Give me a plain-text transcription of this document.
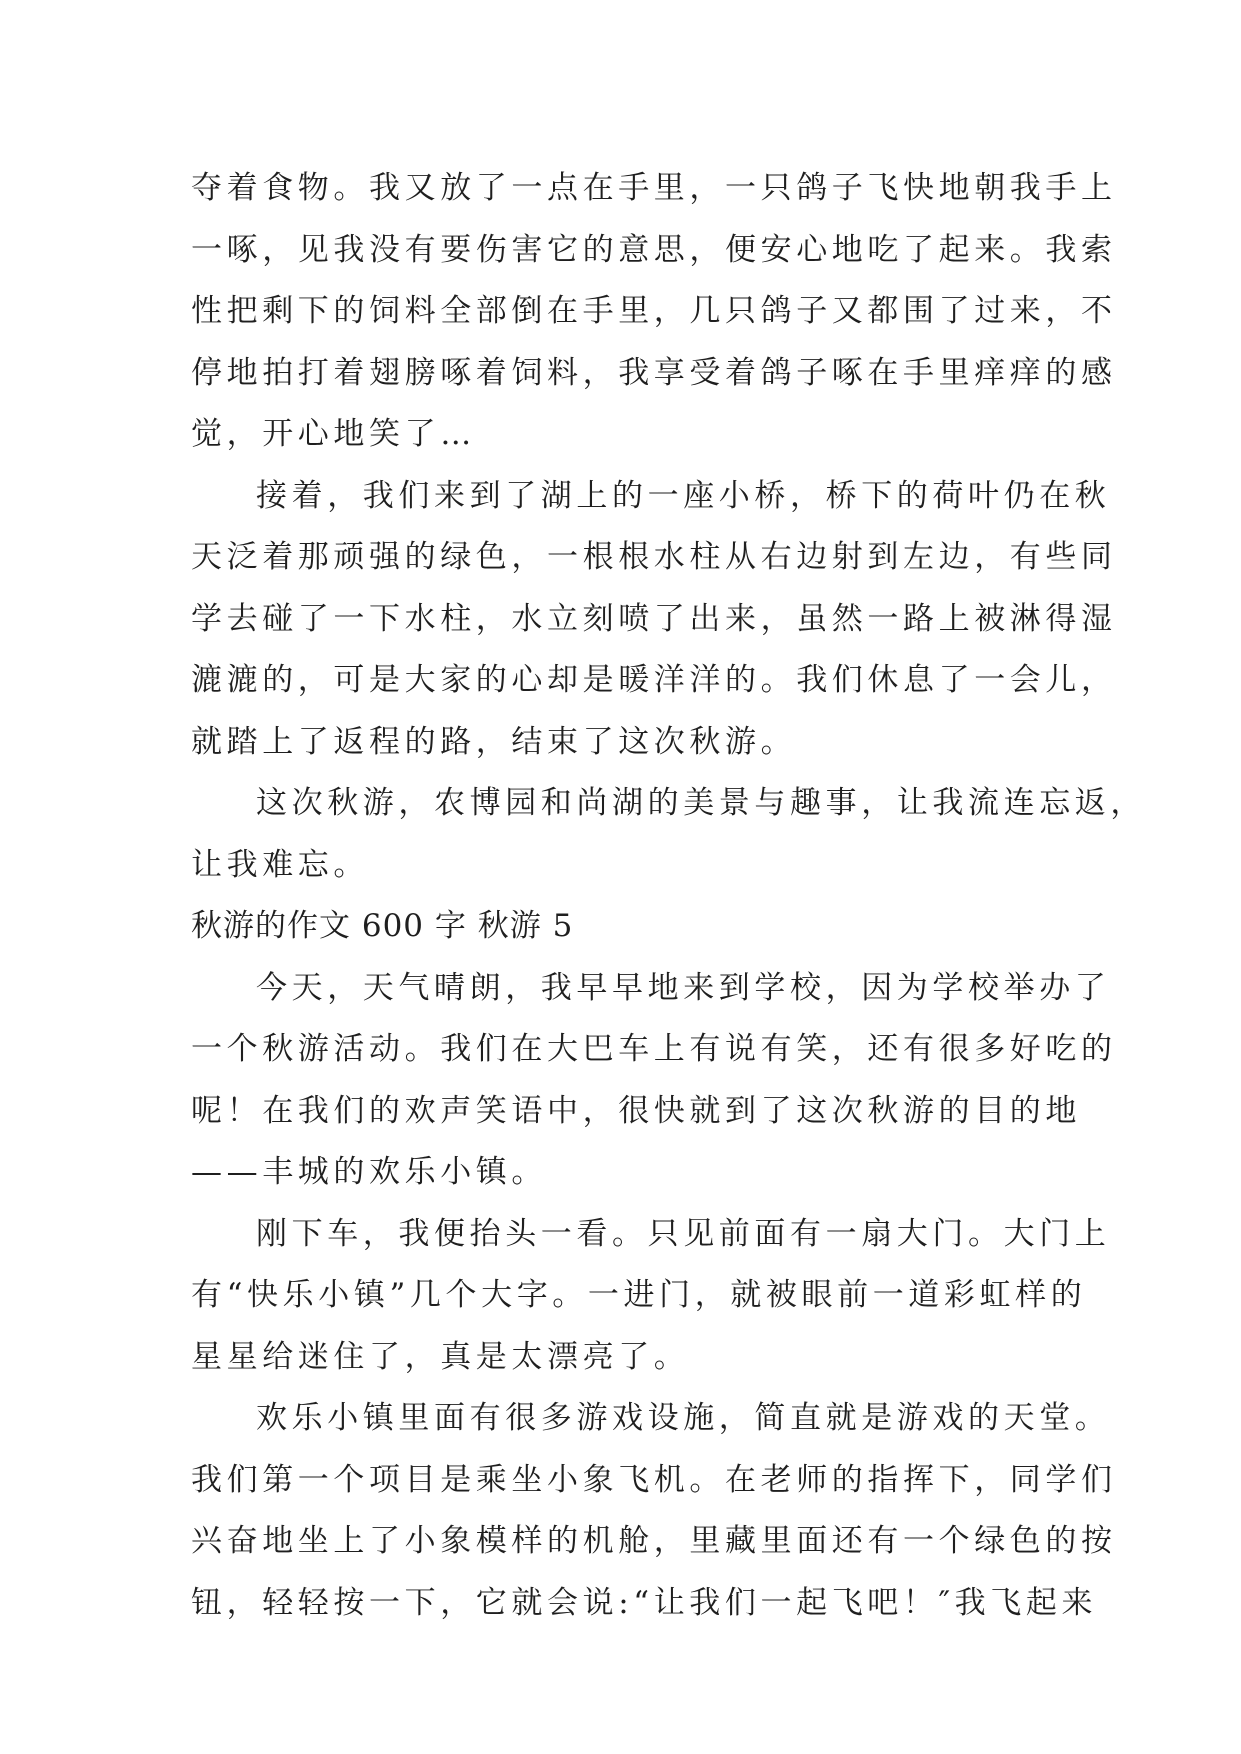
夺着食物。我又放了一点在手里，一只鸽子飞快地朝我手上
一啄，见我没有要伤害它的意思，便安心地吃了起来。我索
性把剩下的饲料全部倒在手里，几只鸽子又都围了过来，不
停地拍打着翅膀啄着饲料，我享受着鸽子啄在手里痒痒的感
觉，开心地笑了…
接着，我们来到了湖上的一座小桥，桥下的荷叶仍在秋
天泛着那顽强的绿色，一根根水柱从右边射到左边，有些同
学去碰了一下水柱，水立刻喷了出来，虽然一路上被淋得湿
漉漉的，可是大家的心却是暖洋洋的。我们休息了一会儿，
就踏上了返程的路，结束了这次秋游。
这次秋游，农博园和尚湖的美景与趣事，让我流连忘返，
让我难忘。
秋游的作文 600 字 秋游 5
今天，天气晴朗，我早早地来到学校，因为学校举办了
一个秋游活动。我们在大巴车上有说有笑，还有很多好吃的
呢！在我们的欢声笑语中，很快就到了这次秋游的目的地
——丰城的欢乐小镇。
刚下车，我便抬头一看。只见前面有一扇大门。大门上
有“快乐小镇”几个大字。一进门，就被眼前一道彩虹样的
星星给迷住了，真是太漂亮了。
欢乐小镇里面有很多游戏设施，简直就是游戏的天堂。
我们第一个项目是乘坐小象飞机。在老师的指挥下，同学们
兴奋地坐上了小象模样的机舱，里藏里面还有一个绿色的按
钮，轻轻按一下，它就会说:“让我们一起飞吧！″我飞起来
